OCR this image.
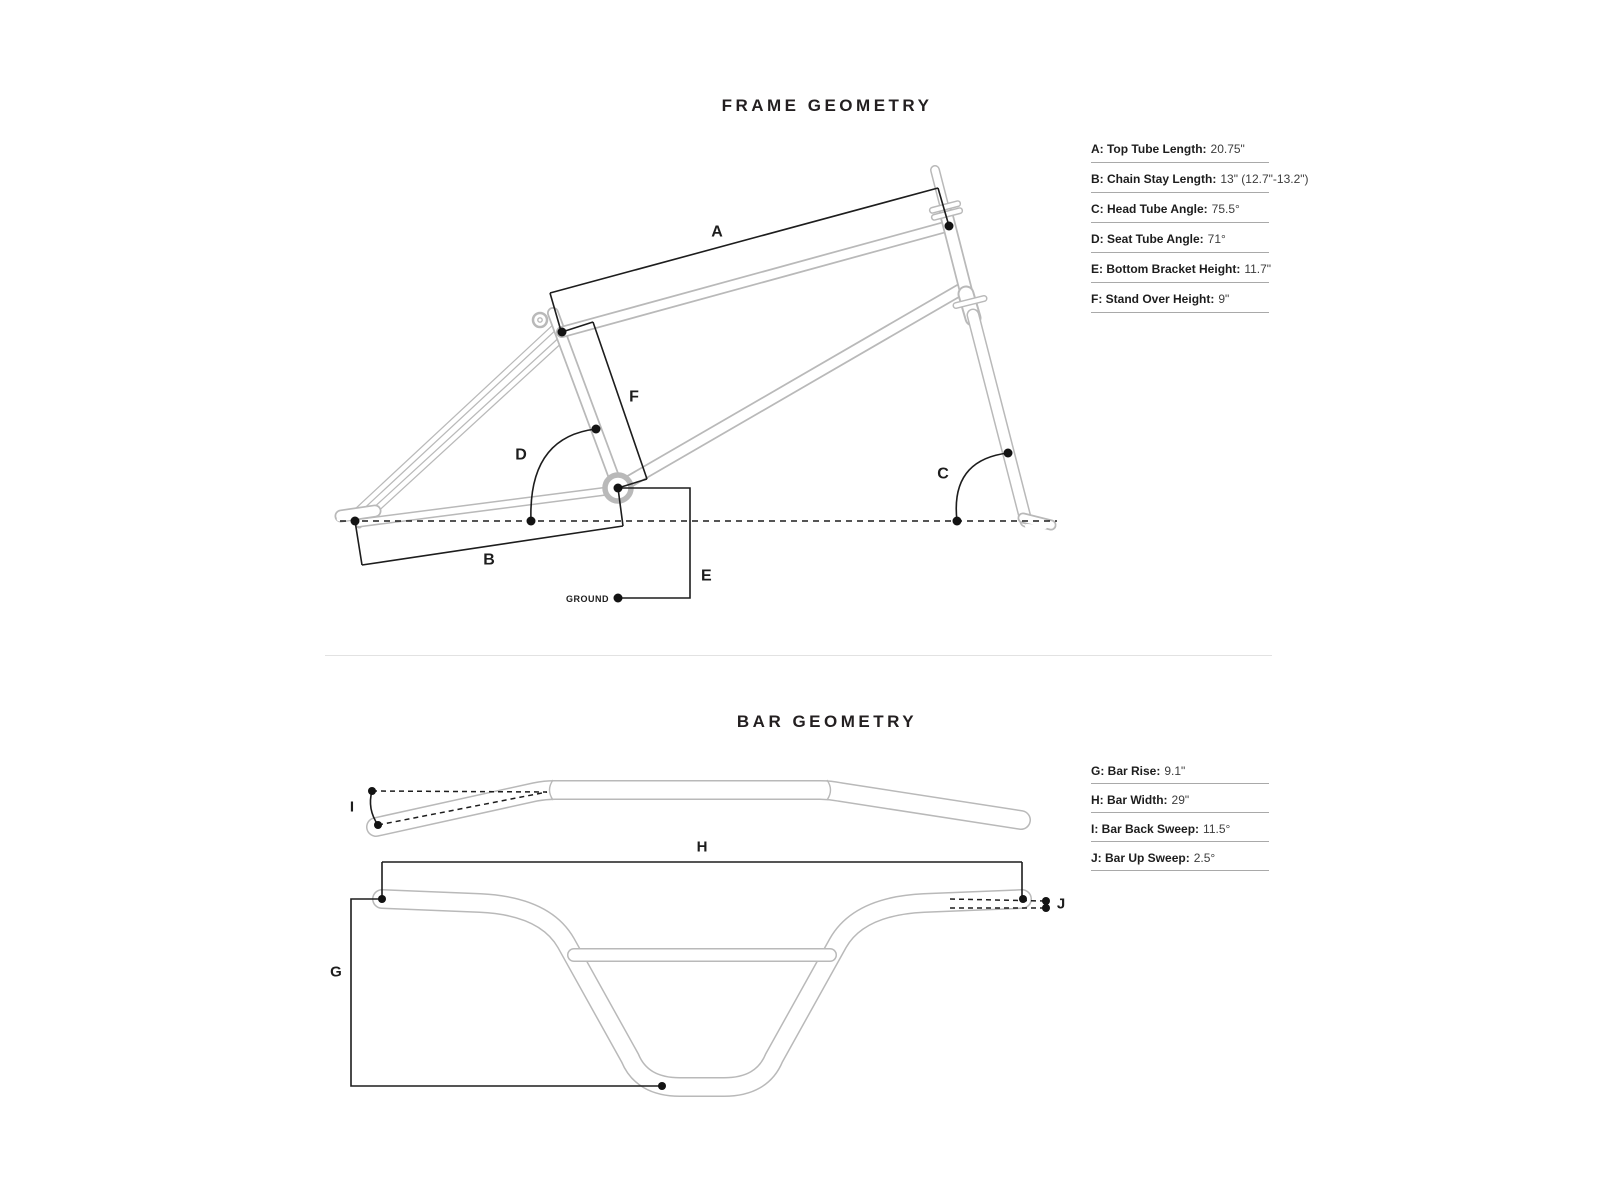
FRAME GEOMETRY
A
B
C
D
E
F
GROUND
A: Top Tube Length: 20.75"
B: Chain Stay Length: 13" (12.7"-13.2")
C: Head Tube Angle: 75.5°
D: Seat Tube Angle: 71°
E: Bottom Bracket Height: 11.7"
F: Stand Over Height: 9"
BAR GEOMETRY
I
H
G
J
G: Bar Rise: 9.1"
H: Bar Width: 29"
I: Bar Back Sweep: 11.5°
J: Bar Up Sweep: 2.5°
